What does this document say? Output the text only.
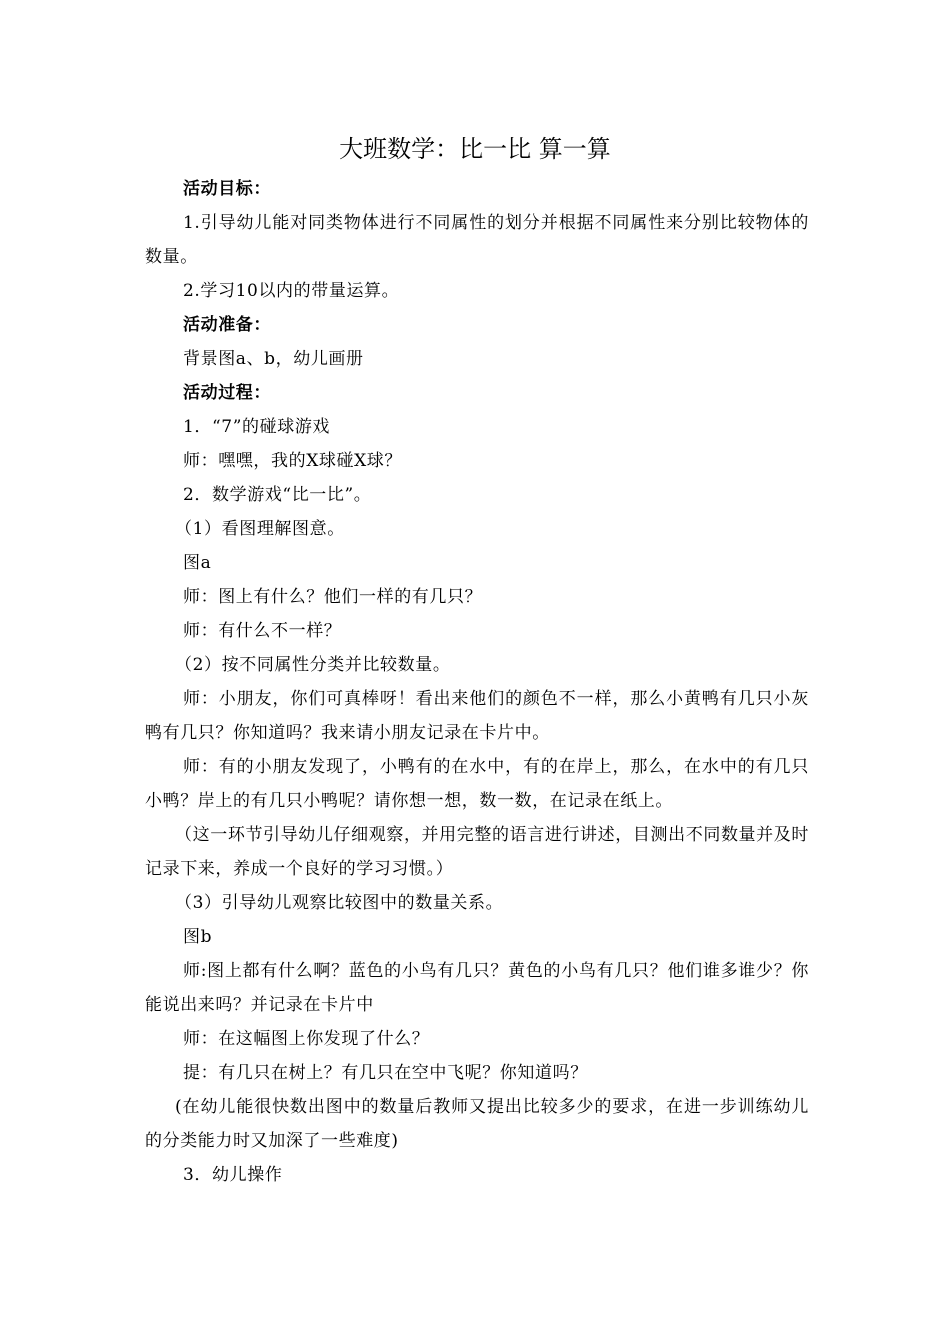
大班数学：比一比 算一算

活动目标：

1.引导幼儿能对同类物体进行不同属性的划分并根据不同属性来分别比较物体的数量。

2.学习10以内的带量运算。

活动准备：

背景图a、b，幼儿画册

活动过程：

1．“7”的碰球游戏

师：嘿嘿，我的X球碰X球？

2．数学游戏“比一比”。

（1）看图理解图意。

图a

师：图上有什么？他们一样的有几只？

师：有什么不一样？

（2）按不同属性分类并比较数量。

师：小朋友，你们可真棒呀！看出来他们的颜色不一样，那么小黄鸭有几只小灰鸭有几只？你知道吗？我来请小朋友记录在卡片中。

师：有的小朋友发现了，小鸭有的在水中，有的在岸上，那么，在水中的有几只小鸭？岸上的有几只小鸭呢？请你想一想，数一数，在记录在纸上。

（这一环节引导幼儿仔细观察，并用完整的语言进行讲述，目测出不同数量并及时记录下来，养成一个良好的学习习惯。）

（3）引导幼儿观察比较图中的数量关系。

图b

师:图上都有什么啊？蓝色的小鸟有几只？黄色的小鸟有几只？他们谁多谁少？你能说出来吗？并记录在卡片中

师：在这幅图上你发现了什么？

提：有几只在树上？有几只在空中飞呢？你知道吗？

(在幼儿能很快数出图中的数量后教师又提出比较多少的要求，在进一步训练幼儿的分类能力时又加深了一些难度)

3．幼儿操作
